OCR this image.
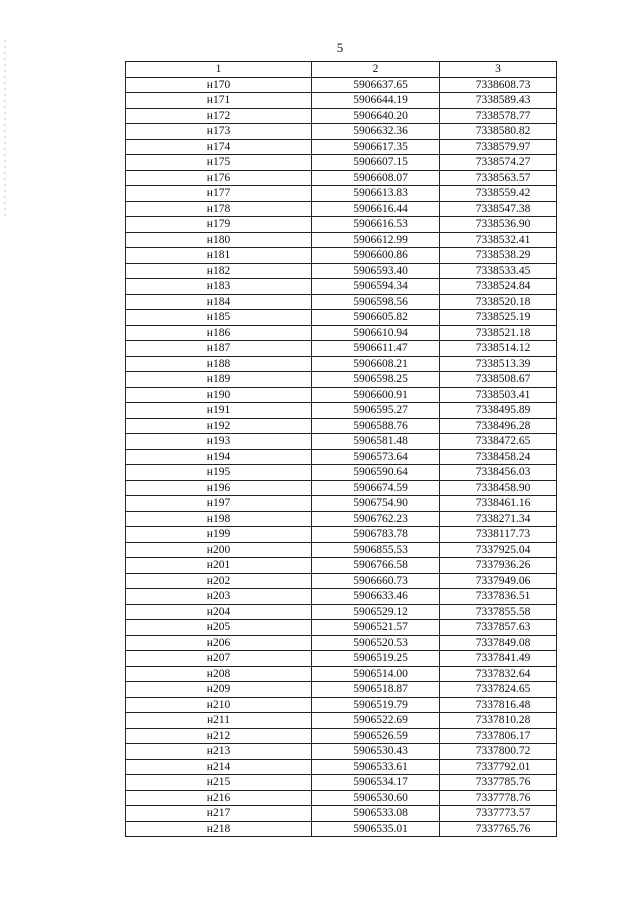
5
1	2	3
н170	5906637.65	7338608.73
н171	5906644.19	7338589.43
н172	5906640.20	7338578.77
н173	5906632.36	7338580.82
н174	5906617.35	7338579.97
н175	5906607.15	7338574.27
н176	5906608.07	7338563.57
н177	5906613.83	7338559.42
н178	5906616.44	7338547.38
н179	5906616.53	7338536.90
н180	5906612.99	7338532.41
н181	5906600.86	7338538.29
н182	5906593.40	7338533.45
н183	5906594.34	7338524.84
н184	5906598.56	7338520.18
н185	5906605.82	7338525.19
н186	5906610.94	7338521.18
н187	5906611.47	7338514.12
н188	5906608.21	7338513.39
н189	5906598.25	7338508.67
н190	5906600.91	7338503.41
н191	5906595.27	7338495.89
н192	5906588.76	7338496.28
н193	5906581.48	7338472.65
н194	5906573.64	7338458.24
н195	5906590.64	7338456.03
н196	5906674.59	7338458.90
н197	5906754.90	7338461.16
н198	5906762.23	7338271.34
н199	5906783.78	7338117.73
н200	5906855.53	7337925.04
н201	5906766.58	7337936.26
н202	5906660.73	7337949.06
н203	5906633.46	7337836.51
н204	5906529.12	7337855.58
н205	5906521.57	7337857.63
н206	5906520.53	7337849.08
н207	5906519.25	7337841.49
н208	5906514.00	7337832.64
н209	5906518.87	7337824.65
н210	5906519.79	7337816.48
н211	5906522.69	7337810.28
н212	5906526.59	7337806.17
н213	5906530.43	7337800.72
н214	5906533.61	7337792.01
н215	5906534.17	7337785.76
н216	5906530.60	7337778.76
н217	5906533.08	7337773.57
н218	5906535.01	7337765.76
